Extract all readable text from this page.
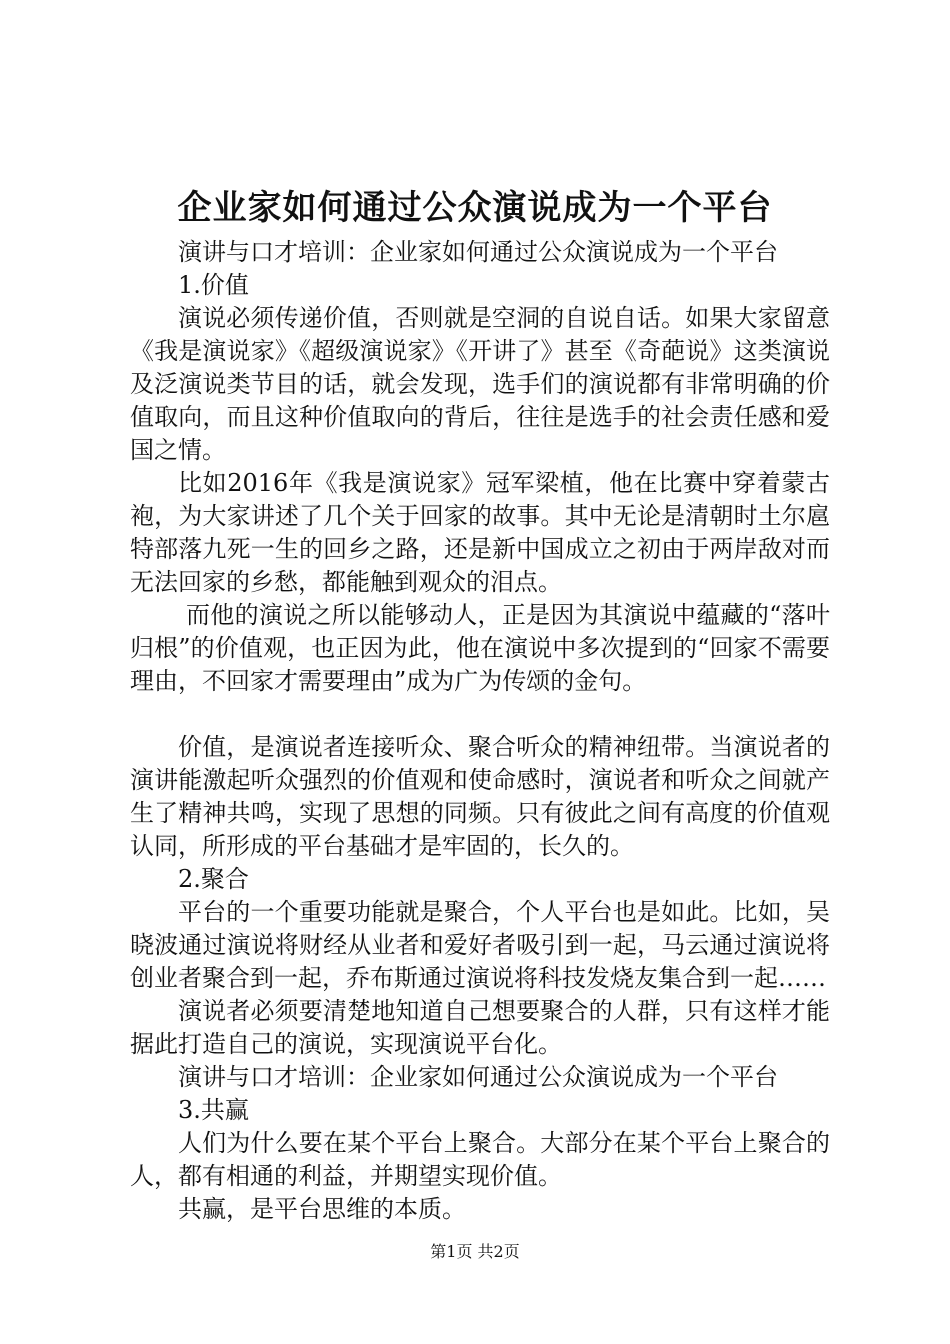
企业家如何通过公众演说成为一个平台

演讲与口才培训：企业家如何通过公众演说成为一个平台

1.价值

演说必须传递价值，否则就是空洞的自说自话。如果大家留意《我是演说家》《超级演说家》《开讲了》甚至《奇葩说》这类演说及泛演说类节目的话，就会发现，选手们的演说都有非常明确的价值取向，而且这种价值取向的背后，往往是选手的社会责任感和爱国之情。

比如2016年《我是演说家》冠军梁植，他在比赛中穿着蒙古袍，为大家讲述了几个关于回家的故事。其中无论是清朝时土尔扈特部落九死一生的回乡之路，还是新中国成立之初由于两岸敌对而无法回家的乡愁，都能触到观众的泪点。

而他的演说之所以能够动人，正是因为其演说中蕴藏的“落叶归根”的价值观，也正因为此，他在演说中多次提到的“回家不需要理由，不回家才需要理由”成为广为传颂的金句。

价值，是演说者连接听众、聚合听众的精神纽带。当演说者的演讲能激起听众强烈的价值观和使命感时，演说者和听众之间就产生了精神共鸣，实现了思想的同频。只有彼此之间有高度的价值观认同，所形成的平台基础才是牢固的，长久的。

2.聚合

平台的一个重要功能就是聚合，个人平台也是如此。比如，吴晓波通过演说将财经从业者和爱好者吸引到一起，马云通过演说将创业者聚合到一起，乔布斯通过演说将科技发烧友集合到一起……

演说者必须要清楚地知道自己想要聚合的人群，只有这样才能据此打造自己的演说，实现演说平台化。

演讲与口才培训：企业家如何通过公众演说成为一个平台

3.共赢

人们为什么要在某个平台上聚合。大部分在某个平台上聚合的人，都有相通的利益，并期望实现价值。

共赢，是平台思维的本质。

第1页 共2页
